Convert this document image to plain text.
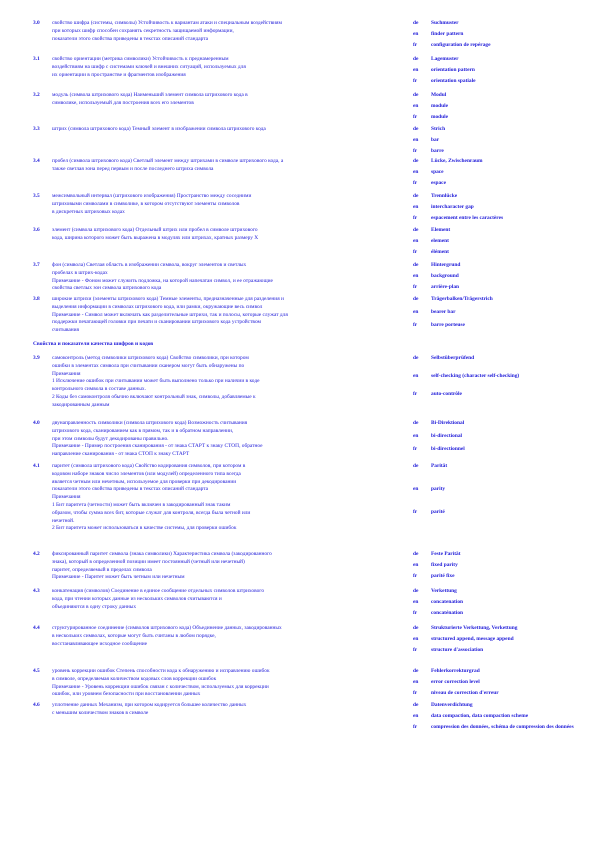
3.0	свойство шифра (системы, символы) Устойчивость к вариантам атаки и специальным воздействиям
при которых шифр способен сохранять секретность защищаемой информации,
показатели этого свойства приведены в текстах описаний стандарта
de Suchmuster
en finder pattern
fr	configuration de repérage
3.1	свойство ориентации (метрика символики) Устойчивость к преднамеренным
воздействиям на шифр с системами ключей и внешних ситуаций, используемых для
их ориентации в пространстве и фрагментов изображения
de Lagemuster
en orientation pattern
fr	orientation spatiale
3.2	модуль (символа штрихового кода) Наименьший элемент символа штрихового кода в
символике, используемый для построения всех его элементов
de Modul
en module
fr	module
3.3	штрих (символа штрихового кода) Темный элемент в изображении символа штрихового кода	de Strich
en bar
fr	barre
3.4	пробел (символа штрихового кода) Светлый элемент между штрихами в символе штрихового кода, а
также светлая зона перед первым и после последнего штриха символа
de Lücke, Zwischenraum
en space
fr	espace
3.5	межсимвольный интервал (штрихового изображения) Пространство между соседними
штриховыми символами в символике, в котором отсутствуют элементы символов
в дискретных штриховых кодах
de Trennlücke
en intercharacter gap
fr	espacement entre les caractères
3.6	элемент (символа штрихового кода) Отдельный штрих или пробел в символе штрихового
кода, ширина которого может быть выражена в модулях или штрихах, кратных размеру X
de Element
en element
fr	élément
3.7	фон (символа) Светлая область в изображении символа, вокруг элементов и светлых
пробелах в штрих-кодах
Примечание - Фоном может служить подложка, на которой напечатан символ, и ее отражающие
свойства светлых зон символа штрихового кода
de Hintergrund
en background
fr	arrière-plan
3.8	широкие штрихи (элементы штрихового кода) Темные элементы, предназначенные для разделения и
выделения информации в символах штрихового кода, или рамки, окружающие весь символ
Примечание - Символ может включать как разделительные штрихи, так и полосы, которые служат для
поддержки печатающей головки при печати и сканировании штрихового кода устройством
считывания
de Trägerbalken/Trägerstrich
en bearer bar
fr	barre porteuse
3.9	самоконтроль (метод символики штрихового кода) Свойство символики, при котором
ошибки в элементах символа при считывании сканером могут быть обнаружены по
Примечания
1 Исключение ошибок при считывании может быть выполнено только при наличии в коде
контрольного символа в составе данных.
2 Коды без самоконтроля обычно включают контрольный знак, символы, добавляемые к
закодированным данным
de Selbstüberprüfend
en self-checking (character self-checking)
fr	auto-contrôle
4.0	двунаправленность символики (символа штрихового кода) Возможность считывания
штрихового кода, сканированием как в прямом, так и в обратном направлении,
при этом символы будут декодированы правильно.
Примечание - Пример построения сканирования - от знака СТАРТ к знаку СТОП, обратное
направление сканирования - от знака СТОП к знаку СТАРТ
de Bi-Direktional
en bi-directional
fr	bi-directionnel
4.1	паритет (символа штрихового кода) Свойство кодирования символов, при котором в
кодовом наборе знаков число элементов (или модулей) определенного типа всегда
является четным или нечетным, используемое для проверки при декодировании
показатели этого свойства приведены в текстах описаний стандарта
Примечания
1 Бит паритета (четности) может быть включен в закодированный знак таким
образом, чтобы сумма всех бит, которые служат для контроля, всегда была четной или
нечетной.
2 Бит паритета может использоваться в качестве системы, для проверки ошибок
de Parität
en parity
fr	parité
4.2	фиксированный паритет символа (знака символики) Характеристика символа (закодированного
знака), который в определенной позиции имеет постоянный (четный или нечетный)
паритет, определяемый в пределах символа
Примечание - Паритет может быть четным или нечетным
de Feste Parität
en fixed parity
fr	parité fixe
4.3	конкатенация (символов) Соединение в единое сообщение отдельных символов штрихового
кода, при чтении которых данные из нескольких символов считываются и
объединяются в одну строку данных
de Verkettung
en concatenation
fr	concaténation
4.4	структурированное соединение (символов штрихового кода) Объединение данных, закодированных
в нескольких символах, которые могут быть считаны в любом порядке,
восстанавливающее исходное сообщение
de Strukturierte Verkettung, Verkettung
en structured append, message append
fr	structure d'association
4.5	уровень коррекции ошибок Степень способности кода к обнаружению и исправлению ошибок
в символе, определяемая количеством кодовых слов коррекции ошибок
Примечание - Уровень коррекции ошибок связан с количеством, используемых для коррекции
ошибок, или уровнем безопасности при восстановлении данных
de Fehlerkorrekturgrad
en error correction level
fr	niveau de correction d'erreur
4.6	уплотнение данных Механизм, при котором кодируется большее количество данных
с меньшим количеством знаков в символе
de Datenverdichtung
en data compaction, data compaction scheme
fr	compression des données, schéma de compression des données
Свойства и показатели качества шифров и кодов
